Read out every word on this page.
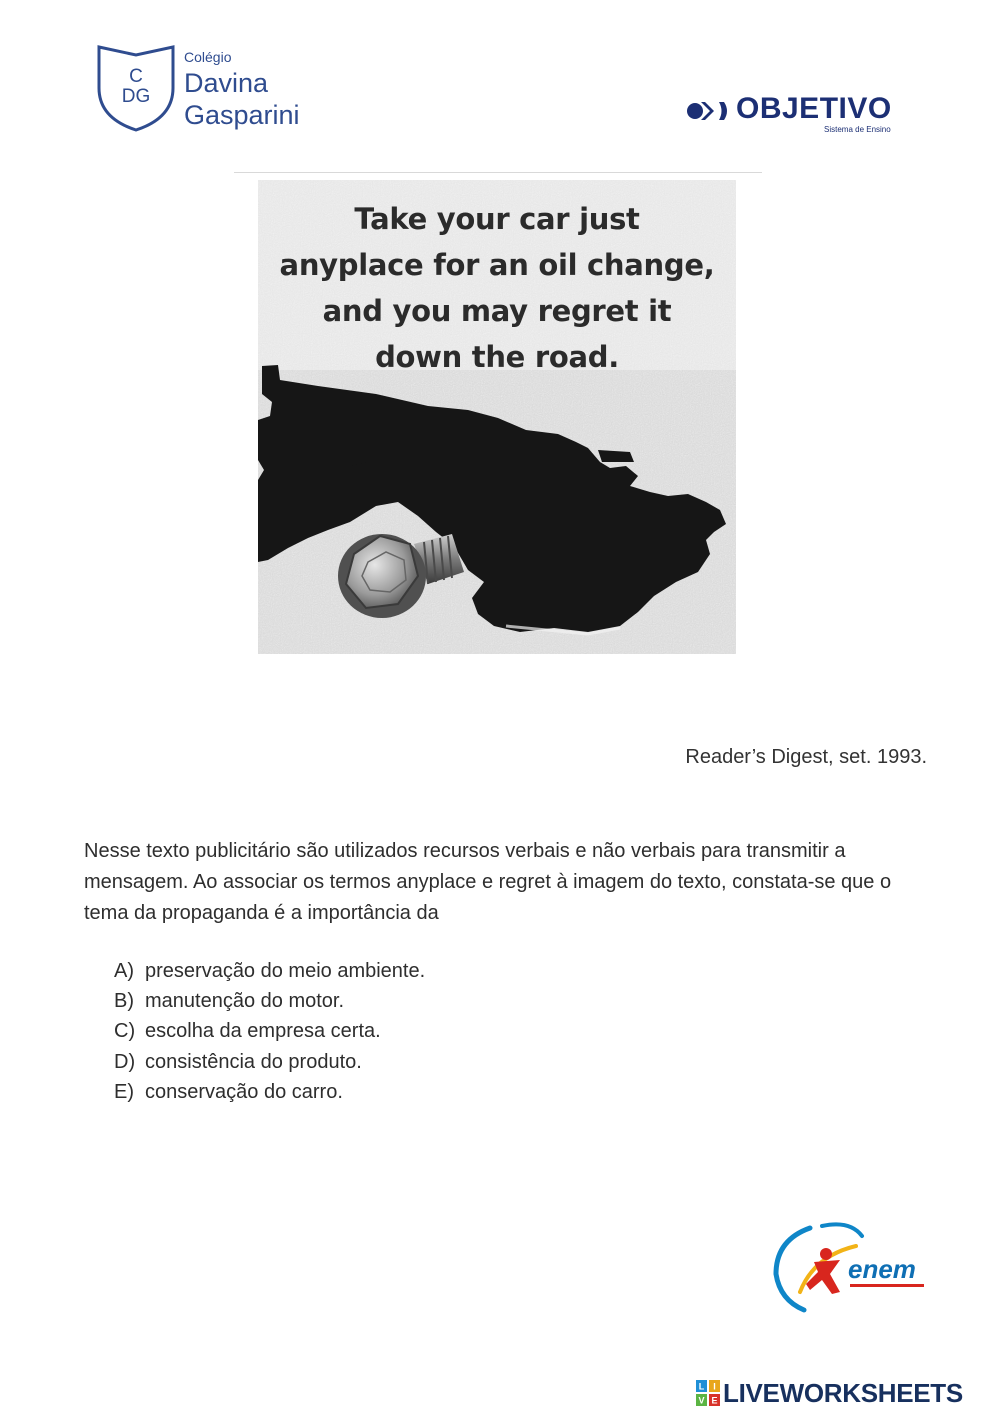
C
DG
Colégio
Davina
Gasparini	OBJETIVO
Sistema de Ensino
Take your car just
anyplace for an oil change,
and you may regret it
down the road.
Reader’s Digest, set. 1993.
Nesse texto publicitário são utilizados recursos verbais e não verbais para transmitir a mensagem. Ao associar os termos anyplace e regret à imagem do texto, constata-se que o tema da propaganda é a importância da
A) preservação do meio ambiente.
B) manutenção do motor.
C) escolha da empresa certa.
D) consistência do produto.
E) conservação do carro.
enem
L I
V E LIVEWORKSHEETS
